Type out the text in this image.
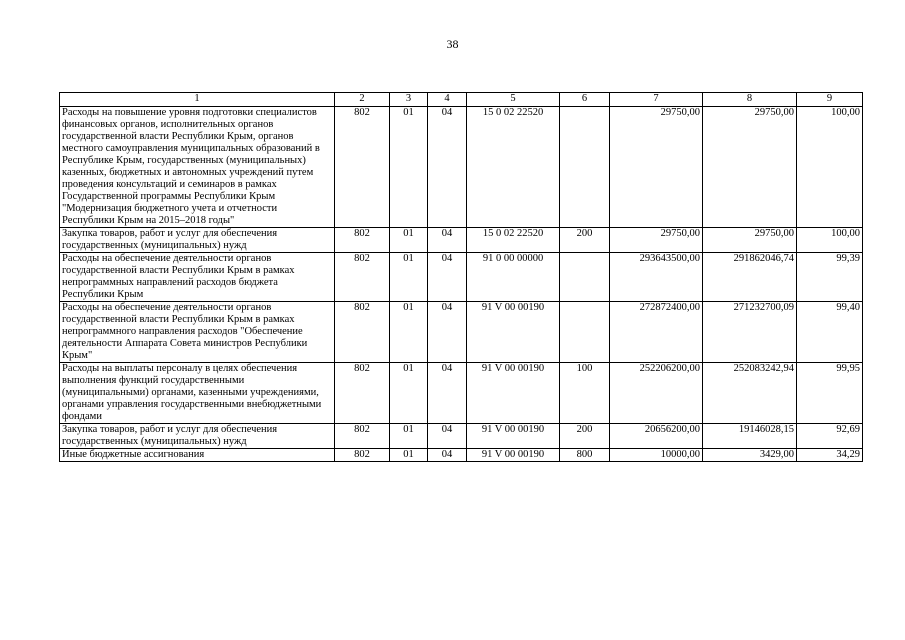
38
1	2	3	4	5	6	7	8	9
Расходы на повышение уровня подготовки специалистов финансовых органов, исполнительных органов государственной власти Республики Крым, органов местного самоуправления муниципальных образований в Республике Крым, государственных (муниципальных) казенных, бюджетных и автономных учреждений путем проведения консультаций и семинаров в рамках Государственной программы Республики Крым "Модернизация бюджетного учета и отчетности Республики Крым на 2015–2018 годы"	802	01	04	15 0 02 22520		29750,00	29750,00	100,00
Закупка товаров, работ и услуг для обеспечения государственных (муниципальных) нужд	802	01	04	15 0 02 22520	200	29750,00	29750,00	100,00
Расходы на обеспечение деятельности органов государственной власти Республики Крым в рамках непрограммных направлений расходов бюджета Республики Крым	802	01	04	91 0 00 00000		293643500,00	291862046,74	99,39
Расходы на обеспечение деятельности органов государственной власти Республики Крым в рамках непрограммного направления расходов "Обеспечение деятельности Аппарата Совета министров Республики Крым"	802	01	04	91 V 00 00190		272872400,00	271232700,09	99,40
Расходы на выплаты персоналу в целях обеспечения выполнения функций государственными (муниципальными) органами, казенными учреждениями, органами управления государственными внебюджетными фондами	802	01	04	91 V 00 00190	100	252206200,00	252083242,94	99,95
Закупка товаров, работ и услуг для обеспечения государственных (муниципальных) нужд	802	01	04	91 V 00 00190	200	20656200,00	19146028,15	92,69
Иные бюджетные ассигнования	802	01	04	91 V 00 00190	800	10000,00	3429,00	34,29
